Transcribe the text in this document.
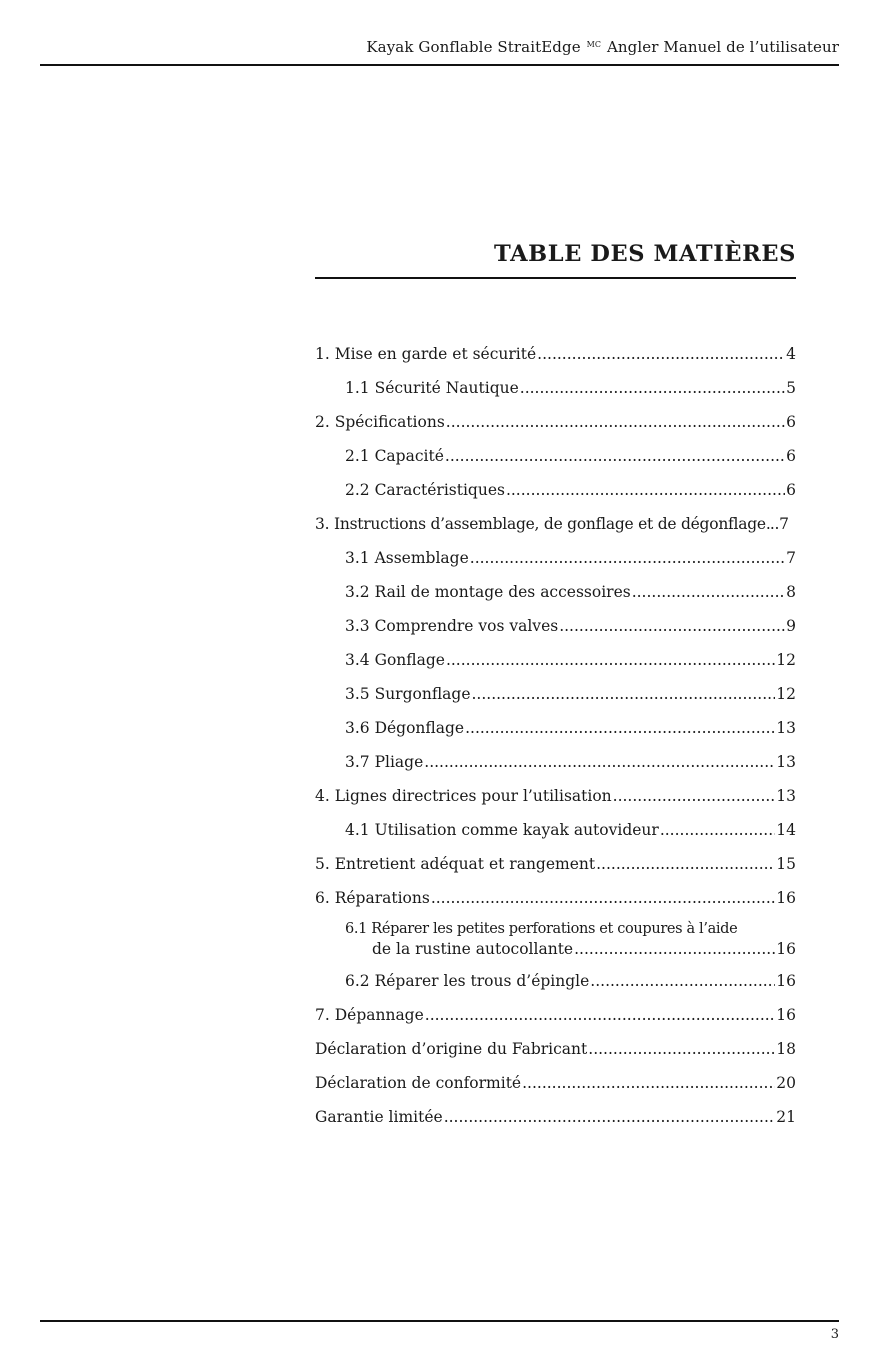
Kayak Gonflable StraitEdge $^{MC}$ Angler Manuel de l’utilisateur
TABLE DES MATIÈRES
1. Mise en garde et sécurité .....	4
1.1 Sécurité Nautique .....	5
2. Spécifications .....	6
2.1 Capacité .....	6
2.2 Caractéristiques .....	6
3. Instructions d’assemblage, de gonflage et de dégonflage ..... ..7
3.1 Assemblage .....	7
3.2 Rail de montage des accessoires .....	8
3.3 Comprendre vos valves .....	9
3.4 Gonflage .....	12
3.5 Surgonflage .....	12
3.6 Dégonflage .....	13
3.7 Pliage .....	13
4. Lignes directrices pour l’utilisation .....	13
4.1 Utilisation comme kayak autovideur .....	14
5. Entretient adéquat et rangement .....	15
6. Réparations .....	16
6.1 Réparer les petites perforations et coupures à l’aide
de la rustine autocollante .....	16
6.2 Réparer les trous d’épingle .....	16
7. Dépannage .....	16
Déclaration d’origine du Fabricant .....	18
Déclaration de conformité .....	20
Garantie limitée .....	21
3
